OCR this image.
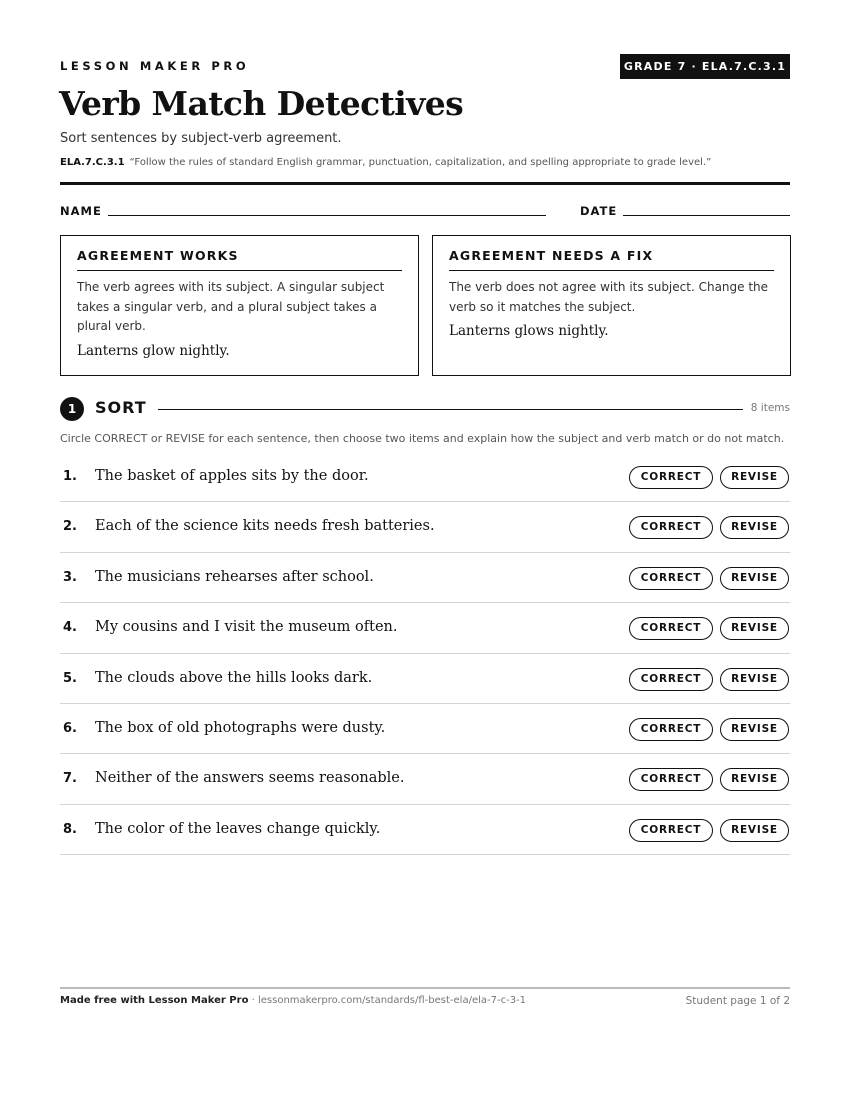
LESSON MAKER PRO	GRADE 7 · ELA.7.C.3.1
Verb Match Detectives
Sort sentences by subject-verb agreement.
ELA.7.C.3.1 “Follow the rules of standard English grammar, punctuation, capitalization, and spelling appropriate to grade level.”
NAME	DATE
AGREEMENT WORKS
The verb agrees with its subject. A singular subject takes a singular verb, and a plural subject takes a plural verb.
Lanterns glow nightly.
AGREEMENT NEEDS A FIX
The verb does not agree with its subject. Change the verb so it matches the subject.
Lanterns glows nightly.
1	SORT	8 items
Circle CORRECT or REVISE for each sentence, then choose two items and explain how the subject and verb match or do not match.
1. The basket of apples sits by the door.	CORRECT	REVISE
2. Each of the science kits needs fresh batteries.	CORRECT	REVISE
3. The musicians rehearses after school.	CORRECT	REVISE
4. My cousins and I visit the museum often.	CORRECT	REVISE
5. The clouds above the hills looks dark.	CORRECT	REVISE
6. The box of old photographs were dusty.	CORRECT	REVISE
7. Neither of the answers seems reasonable.	CORRECT	REVISE
8. The color of the leaves change quickly.	CORRECT	REVISE
Made free with Lesson Maker Pro · lessonmakerpro.com/standards/fl-best-ela/ela-7-c-3-1	Student page 1 of 2
